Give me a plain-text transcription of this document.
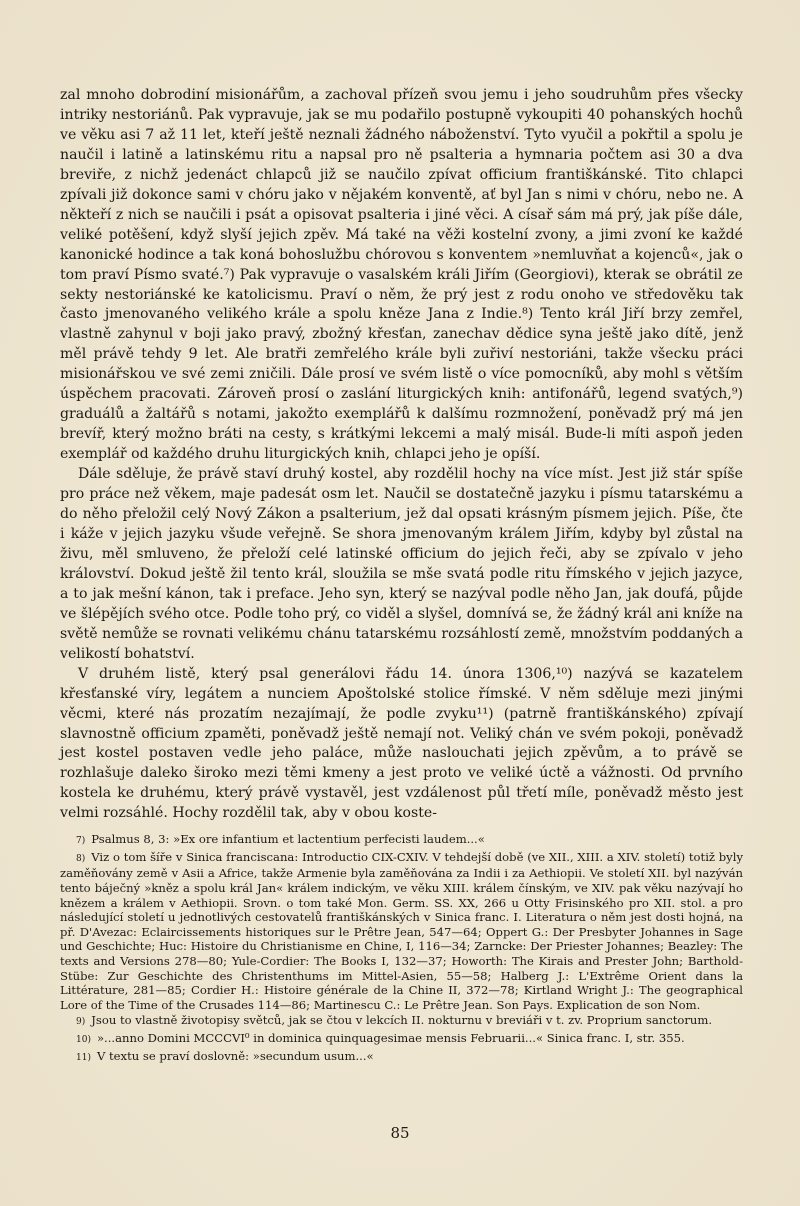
zal mnoho dobrodiní misionářům, a zachoval přízeň svou jemu i jeho soudruhům přes všecky intriky nestoriánů. Pak vypravuje, jak se mu podařilo postupně vykoupiti 40 pohanských hochů ve věku asi 7 až 11 let, kteří ještě neznali žádného náboženství. Tyto vyučil a pokřtil a spolu je naučil i latině a latinskému ritu a napsal pro ně psalteria a hymnaria počtem asi 30 a dva breviře, z nichž jedenáct chlapců již se naučilo zpívat officium františkánské. Tito chlapci zpívali již dokonce sami v chóru jako v nějakém konventě, ať byl Jan s nimi v chóru, nebo ne. A někteří z nich se naučili i psát a opisovat psalteria i jiné věci. A císař sám má prý, jak píše dále, veliké potěšení, když slyší jejich zpěv. Má také na věži kostelní zvony, a jimi zvoní ke každé kanonické hodince a tak koná bohoslužbu chórovou s konventem »nemluvňat a kojenců«, jak o tom praví Písmo svaté.⁷) Pak vypravuje o vasalském králi Jiřím (Georgiovi), kterak se obrátil ze sekty nestoriánské ke katolicismu. Praví o něm, že prý jest z rodu onoho ve středověku tak často jmenovaného velikého krále a spolu kněze Jana z Indie.⁸) Tento král Jiří brzy zemřel, vlastně zahynul v boji jako pravý, zbožný křesťan, zanechav dědice syna ještě jako dítě, jenž měl právě tehdy 9 let. Ale bratři zemřelého krále byli zuřiví nestoriáni, takže všecku práci misionářskou ve své zemi zničili. Dále prosí ve svém listě o více pomocníků, aby mohl s větším úspěchem pracovati. Zároveň prosí o zaslání liturgických knih: antifonářů, legend svatých,⁹) graduálů a žaltářů s notami, jakožto exemplářů k dalšímu rozmnožení, poněvadž prý má jen brevíř, který možno bráti na cesty, s krátkými lekcemi a malý misál. Bude-li míti aspoň jeden exemplář od každého druhu liturgických knih, chlapci jeho je opíší.

Dále sděluje, že právě staví druhý kostel, aby rozdělil hochy na více míst. Jest již stár spíše pro práce než věkem, maje padesát osm let. Naučil se dostatečně jazyku i písmu tatarskému a do něho přeložil celý Nový Zákon a psalterium, jež dal opsati krásným písmem jejich. Píše, čte i káže v jejich jazyku všude veřejně. Se shora jmenovaným králem Jiřím, kdyby byl zůstal na živu, měl smluveno, že přeloží celé latinské officium do jejich řeči, aby se zpívalo v jeho království. Dokud ještě žil tento král, sloužila se mše svatá podle ritu římského v jejich jazyce, a to jak mešní kánon, tak i preface. Jeho syn, který se nazýval podle něho Jan, jak doufá, půjde ve šlépějích svého otce. Podle toho prý, co viděl a slyšel, domnívá se, že žádný král ani kníže na světě nemůže se rovnati velikému chánu tatarskému rozsáhlostí země, množstvím poddaných a velikostí bohatství.

V druhém listě, který psal generálovi řádu 14. února 1306,¹⁰) nazývá se kazatelem křesťanské víry, legátem a nunciem Apoštolské stolice římské. V něm sděluje mezi jinými věcmi, které nás prozatím nezajímají, že podle zvyku¹¹) (patrně františkánského) zpívají slavnostně officium zpaměti, poněvadž ještě nemají not. Veliký chán ve svém pokoji, poněvadž jest kostel postaven vedle jeho paláce, může naslouchati jejich zpěvům, a to právě se rozhlašuje daleko široko mezi těmi kmeny a jest proto ve veliké úctě a vážnosti. Od prvního kostela ke druhému, který právě vystavěl, jest vzdálenost půl třetí míle, poněvadž město jest velmi rozsáhlé. Hochy rozdělil tak, aby v obou koste-

7) Psalmus 8, 3: »Ex ore infantium et lactentium perfecisti laudem...«
8) Viz o tom šíře v Sinica franciscana: Introductio CIX-CXIV. V tehdejší době (ve XII., XIII. a XIV. století) totiž byly zaměňovány země v Asii a Africe, takže Armenie byla zaměňována za Indii i za Aethiopii. Ve století XII. byl nazýván tento báječný »kněz a spolu král Jan« králem indickým, ve věku XIII. králem čínským, ve XIV. pak věku nazývají ho knězem a králem v Aethiopii. Srovn. o tom také Mon. Germ. SS. XX, 266 u Otty Frisinského pro XII. stol. a pro následující století u jednotlivých cestovatelů františkánských v Sinica franc. I. Literatura o něm jest dosti hojná, na př. D'Avezac: Eclaircissements historiques sur le Prêtre Jean, 547—64; Oppert G.: Der Presbyter Johannes in Sage und Geschichte; Huc: Histoire du Christianisme en Chine, I, 116—34; Zarncke: Der Priester Johannes; Beazley: The texts and Versions 278—80; Yule-Cordier: The Books I, 132—37; Howorth: The Kirais and Prester John; Barthold-Stübe: Zur Geschichte des Christenthums im Mittel-Asien, 55—58; Halberg J.: L'Extrême Orient dans la Littérature, 281—85; Cordier H.: Histoire générale de la Chine II, 372—78; Kirtland Wright J.: The geographical Lore of the Time of the Crusades 114—86; Martinescu C.: Le Prêtre Jean. Son Pays. Explication de son Nom.
9) Jsou to vlastně životopisy světců, jak se čtou v lekcích II. nokturnu v breviáři v t. zv. Proprium sanctorum.
10) »...anno Domini MCCCVI⁰ in dominica quinquagesimae mensis Februarii...« Sinica franc. I, str. 355.
11) V textu se praví doslovně: »secundum usum...«
85
